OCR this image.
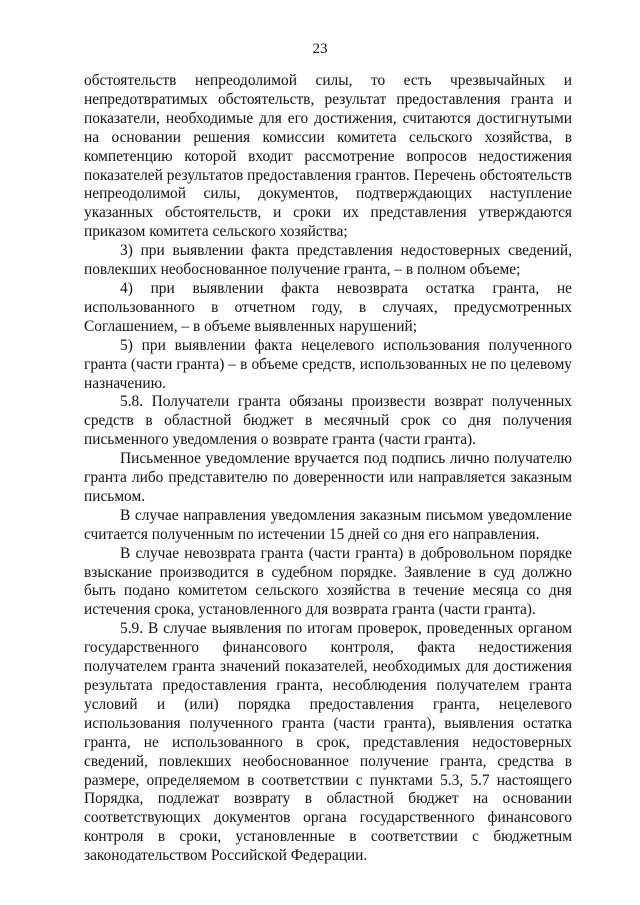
23

обстоятельств непреодолимой силы, то есть чрезвычайных и непредотвратимых обстоятельств, результат предоставления гранта и показатели, необходимые для его достижения, считаются достигнутыми на основании решения комиссии комитета сельского хозяйства, в компетенцию которой входит рассмотрение вопросов недостижения показателей результатов предоставления грантов. Перечень обстоятельств непреодолимой силы, документов, подтверждающих наступление указанных обстоятельств, и сроки их представления утверждаются приказом комитета сельского хозяйства;

3) при выявлении факта представления недостоверных сведений, повлекших необоснованное получение гранта, – в полном объеме;

4) при выявлении факта невозврата остатка гранта, не использованного в отчетном году, в случаях, предусмотренных Соглашением, – в объеме выявленных нарушений;

5) при выявлении факта нецелевого использования полученного гранта (части гранта) – в объеме средств, использованных не по целевому назначению.

5.8. Получатели гранта обязаны произвести возврат полученных средств в областной бюджет в месячный срок со дня получения письменного уведомления о возврате гранта (части гранта).

Письменное уведомление вручается под подпись лично получателю гранта либо представителю по доверенности или направляется заказным письмом.

В случае направления уведомления заказным письмом уведомление считается полученным по истечении 15 дней со дня его направления.

В случае невозврата гранта (части гранта) в добровольном порядке взыскание производится в судебном порядке. Заявление в суд должно быть подано комитетом сельского хозяйства в течение месяца со дня истечения срока, установленного для возврата гранта (части гранта).

5.9. В случае выявления по итогам проверок, проведенных органом государственного финансового контроля, факта недостижения получателем гранта значений показателей, необходимых для достижения результата предоставления гранта, несоблюдения получателем гранта условий и (или) порядка предоставления гранта, нецелевого использования полученного гранта (части гранта), выявления остатка гранта, не использованного в срок, представления недостоверных сведений, повлекших необоснованное получение гранта, средства в размере, определяемом в соответствии с пунктами 5.3, 5.7 настоящего Порядка, подлежат возврату в областной бюджет на основании соответствующих документов органа государственного финансового контроля в сроки, установленные в соответствии с бюджетным законодательством Российской Федерации.
